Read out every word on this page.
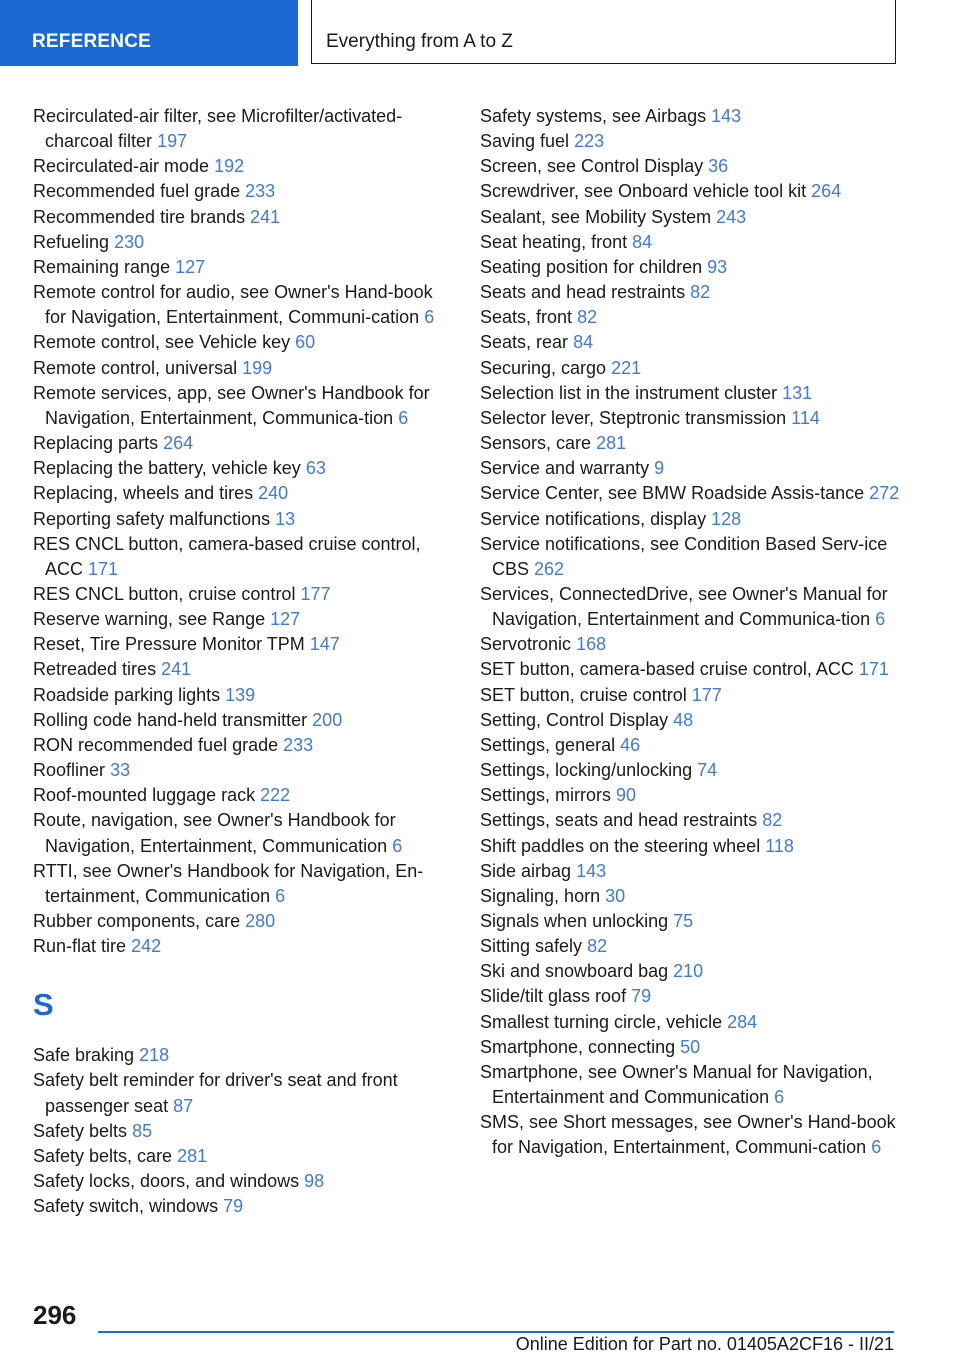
REFERENCE	Everything from A to Z

Recirculated-air filter, see Microfilter/activated-charcoal filter 197

Recirculated-air mode 192

Recommended fuel grade 233

Recommended tire brands 241

Refueling 230

Remaining range 127

Remote control for audio, see Owner's Hand-book for Navigation, Entertainment, Communi-cation 6

Remote control, see Vehicle key 60

Remote control, universal 199

Remote services, app, see Owner's Handbook for Navigation, Entertainment, Communica-tion 6

Replacing parts 264

Replacing the battery, vehicle key 63

Replacing, wheels and tires 240

Reporting safety malfunctions 13

RES CNCL button, camera-based cruise control, ACC 171

RES CNCL button, cruise control 177

Reserve warning, see Range 127

Reset, Tire Pressure Monitor TPM 147

Retreaded tires 241

Roadside parking lights 139

Rolling code hand-held transmitter 200

RON recommended fuel grade 233

Roofliner 33

Roof-mounted luggage rack 222

Route, navigation, see Owner's Handbook for Navigation, Entertainment, Communication 6

RTTI, see Owner's Handbook for Navigation, En-tertainment, Communication 6

Rubber components, care 280

Run-flat tire 242

S

Safe braking 218

Safety belt reminder for driver's seat and front passenger seat 87

Safety belts 85

Safety belts, care 281

Safety locks, doors, and windows 98

Safety switch, windows 79

Safety systems, see Airbags 143

Saving fuel 223

Screen, see Control Display 36

Screwdriver, see Onboard vehicle tool kit 264

Sealant, see Mobility System 243

Seat heating, front 84

Seating position for children 93

Seats and head restraints 82

Seats, front 82

Seats, rear 84

Securing, cargo 221

Selection list in the instrument cluster 131

Selector lever, Steptronic transmission 114

Sensors, care 281

Service and warranty 9

Service Center, see BMW Roadside Assis-tance 272

Service notifications, display 128

Service notifications, see Condition Based Serv-ice CBS 262

Services, ConnectedDrive, see Owner's Manual for Navigation, Entertainment and Communica-tion 6

Servotronic 168

SET button, camera-based cruise control, ACC 171

SET button, cruise control 177

Setting, Control Display 48

Settings, general 46

Settings, locking/unlocking 74

Settings, mirrors 90

Settings, seats and head restraints 82

Shift paddles on the steering wheel 118

Side airbag 143

Signaling, horn 30

Signals when unlocking 75

Sitting safely 82

Ski and snowboard bag 210

Slide/tilt glass roof 79

Smallest turning circle, vehicle 284

Smartphone, connecting 50

Smartphone, see Owner's Manual for Navigation, Entertainment and Communication 6

SMS, see Short messages, see Owner's Hand-book for Navigation, Entertainment, Communi-cation 6

296
Online Edition for Part no. 01405A2CF16 - II/21
